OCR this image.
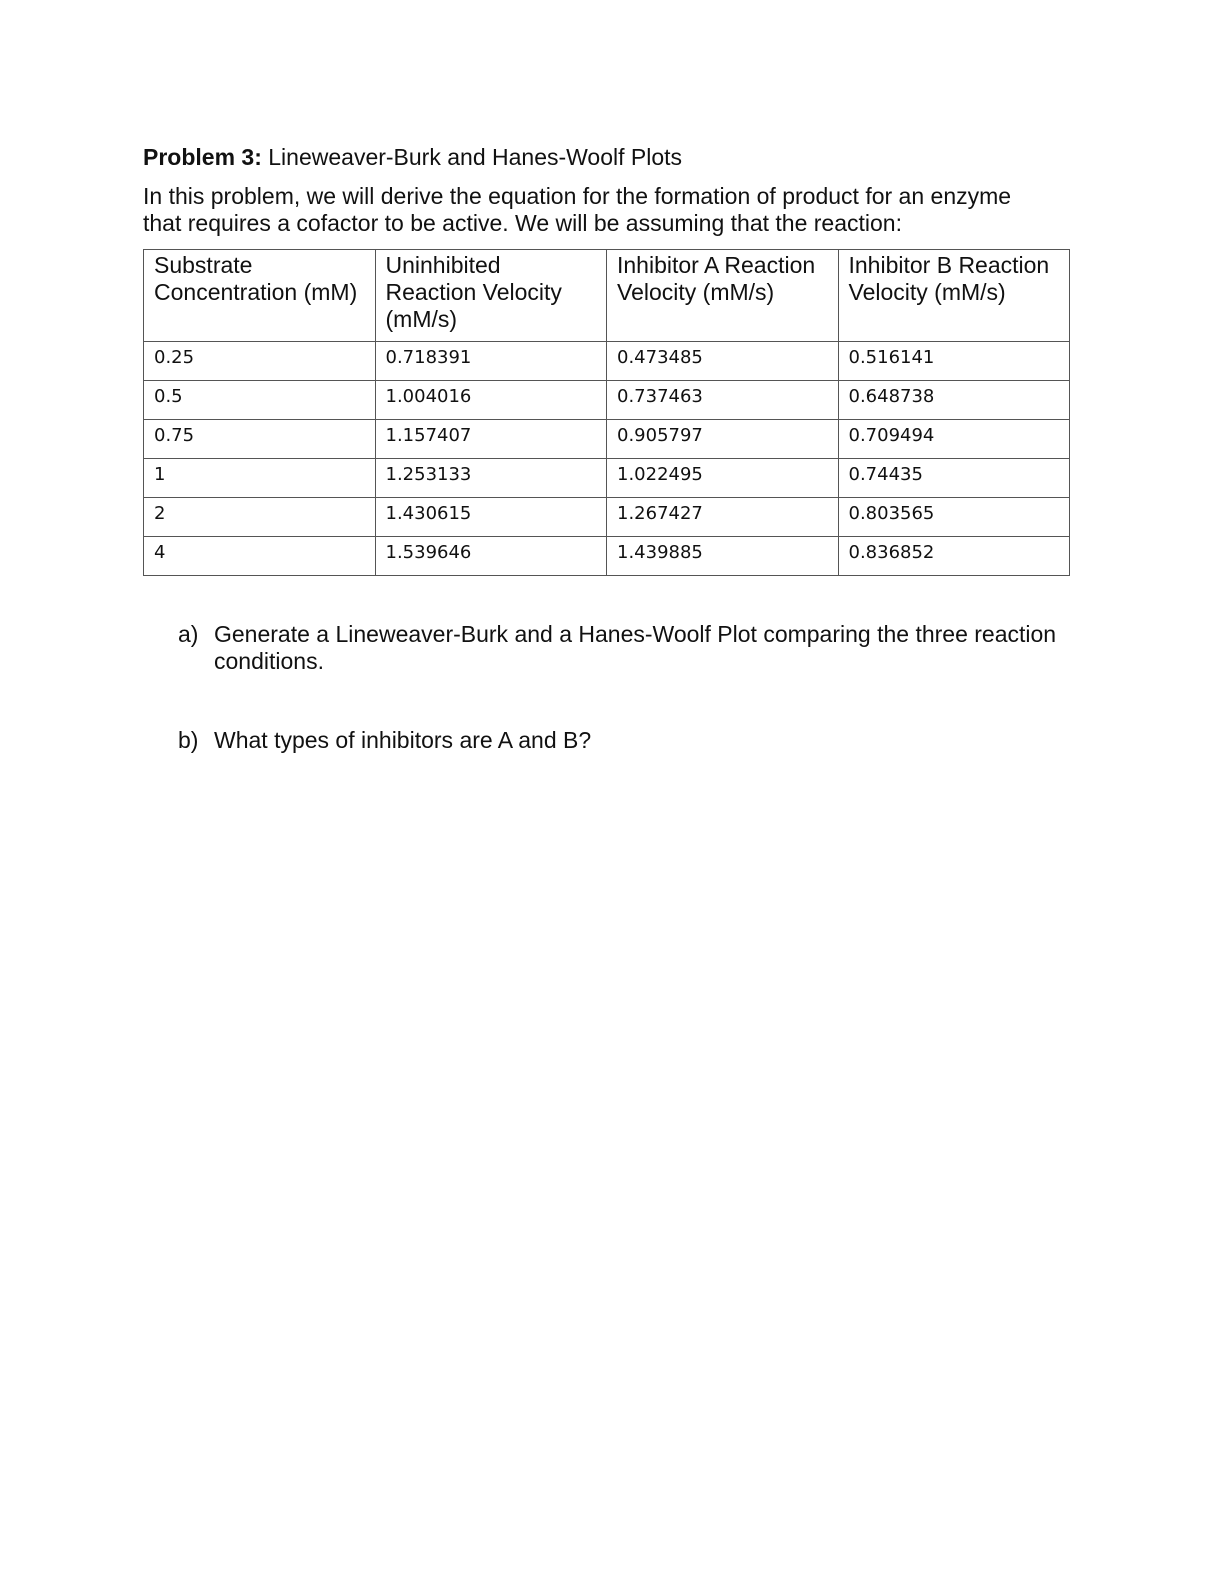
Problem 3: Lineweaver-Burk and Hanes-Woolf Plots
In this problem, we will derive the equation for the formation of product for an enzyme
that requires a cofactor to be active. We will be assuming that the reaction:
Substrate Concentration (mM)	Uninhibited Reaction Velocity (mM/s)	Inhibitor A Reaction Velocity (mM/s)	Inhibitor B Reaction Velocity (mM/s)
0.25	0.718391	0.473485	0.516141
0.5	1.004016	0.737463	0.648738
0.75	1.157407	0.905797	0.709494
1	1.253133	1.022495	0.74435
2	1.430615	1.267427	0.803565
4	1.539646	1.439885	0.836852
a) Generate a Lineweaver-Burk and a Hanes-Woolf Plot comparing the three reaction conditions.
b) What types of inhibitors are A and B?
